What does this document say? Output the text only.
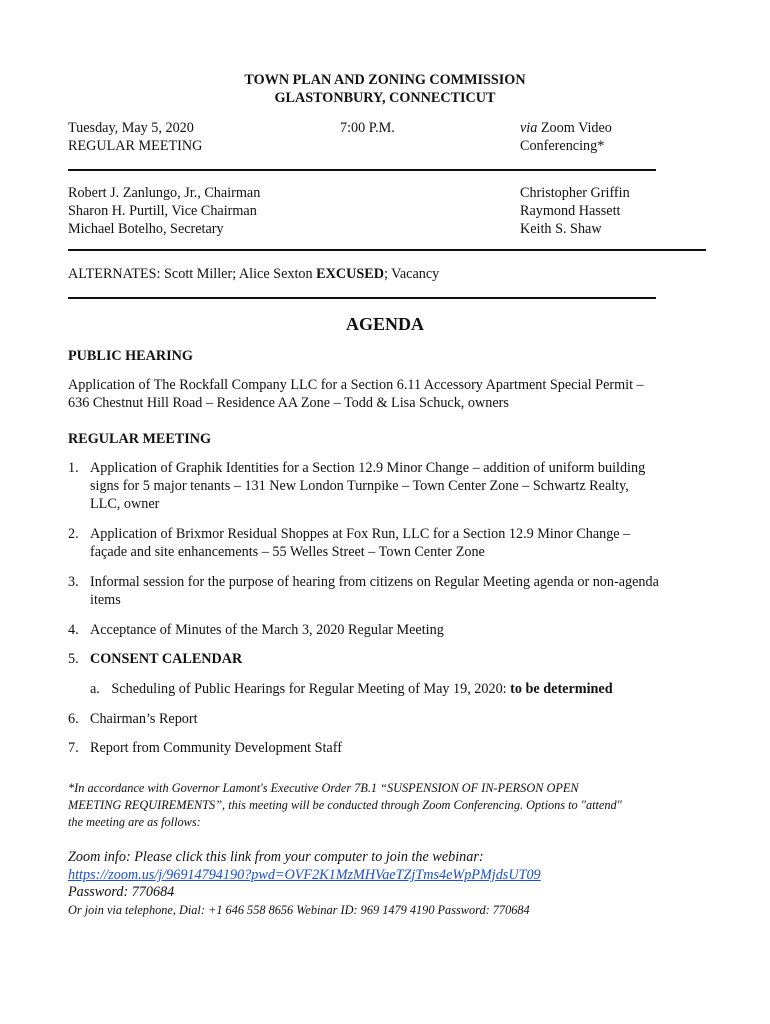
TOWN PLAN AND ZONING COMMISSION
GLASTONBURY, CONNECTICUT
Tuesday, May 5, 2020
REGULAR MEETING
7:00 P.M.	via Zoom Video
Conferencing*
Robert J. Zanlungo, Jr., Chairman
Sharon H. Purtill, Vice Chairman
Michael Botelho, Secretary
Christopher Griffin
Raymond Hassett
Keith S. Shaw
ALTERNATES: Scott Miller; Alice Sexton EXCUSED; Vacancy
AGENDA
PUBLIC HEARING
Application of The Rockfall Company LLC for a Section 6.11 Accessory Apartment Special Permit –
636 Chestnut Hill Road – Residence AA Zone – Todd & Lisa Schuck, owners
REGULAR MEETING
1. Application of Graphik Identities for a Section 12.9 Minor Change – addition of uniform building
signs for 5 major tenants – 131 New London Turnpike – Town Center Zone – Schwartz Realty,
LLC, owner
2. Application of Brixmor Residual Shoppes at Fox Run, LLC for a Section 12.9 Minor Change –
façade and site enhancements – 55 Welles Street – Town Center Zone
3. Informal session for the purpose of hearing from citizens on Regular Meeting agenda or non-agenda
items
4. Acceptance of Minutes of the March 3, 2020 Regular Meeting
5. CONSENT CALENDAR
a. Scheduling of Public Hearings for Regular Meeting of May 19, 2020: to be determined
6. Chairman’s Report
7. Report from Community Development Staff
*In accordance with Governor Lamont's Executive Order 7B.1 “SUSPENSION OF IN-PERSON OPEN
MEETING REQUIREMENTS”, this meeting will be conducted through Zoom Conferencing. Options to "attend"
the meeting are as follows:
Zoom info: Please click this link from your computer to join the webinar:
https://zoom.us/j/96914794190?pwd=OVF2K1MzMHVaeTZjTms4eWpPMjdsUT09
Password: 770684
Or join via telephone, Dial: +1 646 558 8656 Webinar ID: 969 1479 4190 Password: 770684
